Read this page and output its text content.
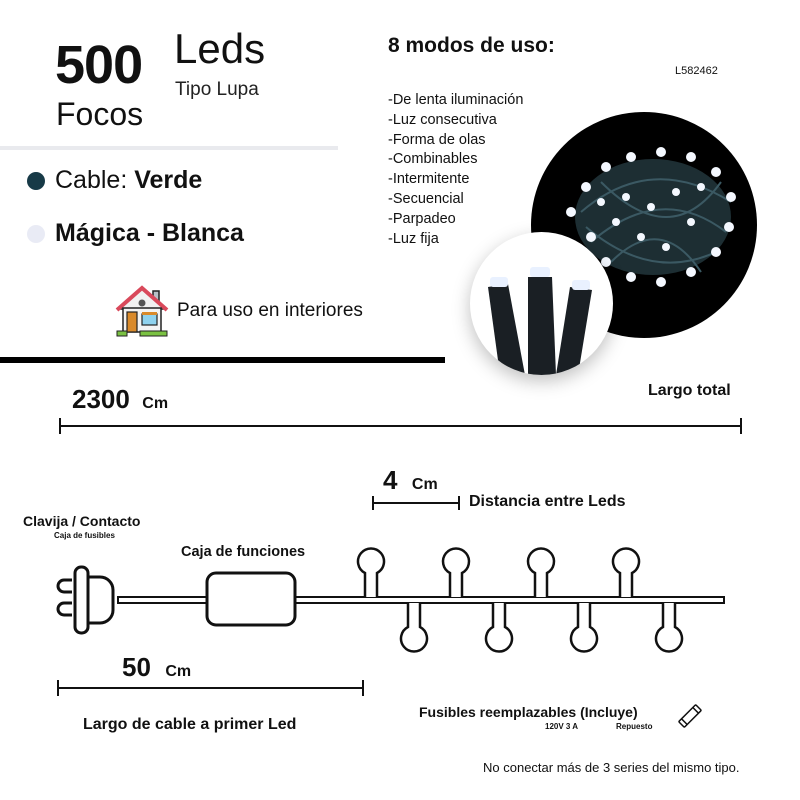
500 Leds
Tipo Lupa
Focos
Cable: Verde
Mágica - Blanca
Para uso en interiores
8 modos de uso:
L582462
-De lenta iluminación
-Luz consecutiva
-Forma de olas
-Combinables
-Intermitente
-Secuencial
-Parpadeo
-Luz fija
2300 Cm
Largo total
4 Cm
Distancia entre Leds
Clavija / Contacto
Caja de fusibles
Caja de funciones
50 Cm
Largo de cable a primer Led
Fusibles reemplazables (Incluye)
120V 3 A	Repuesto
No conectar más de 3 series del mismo tipo.
